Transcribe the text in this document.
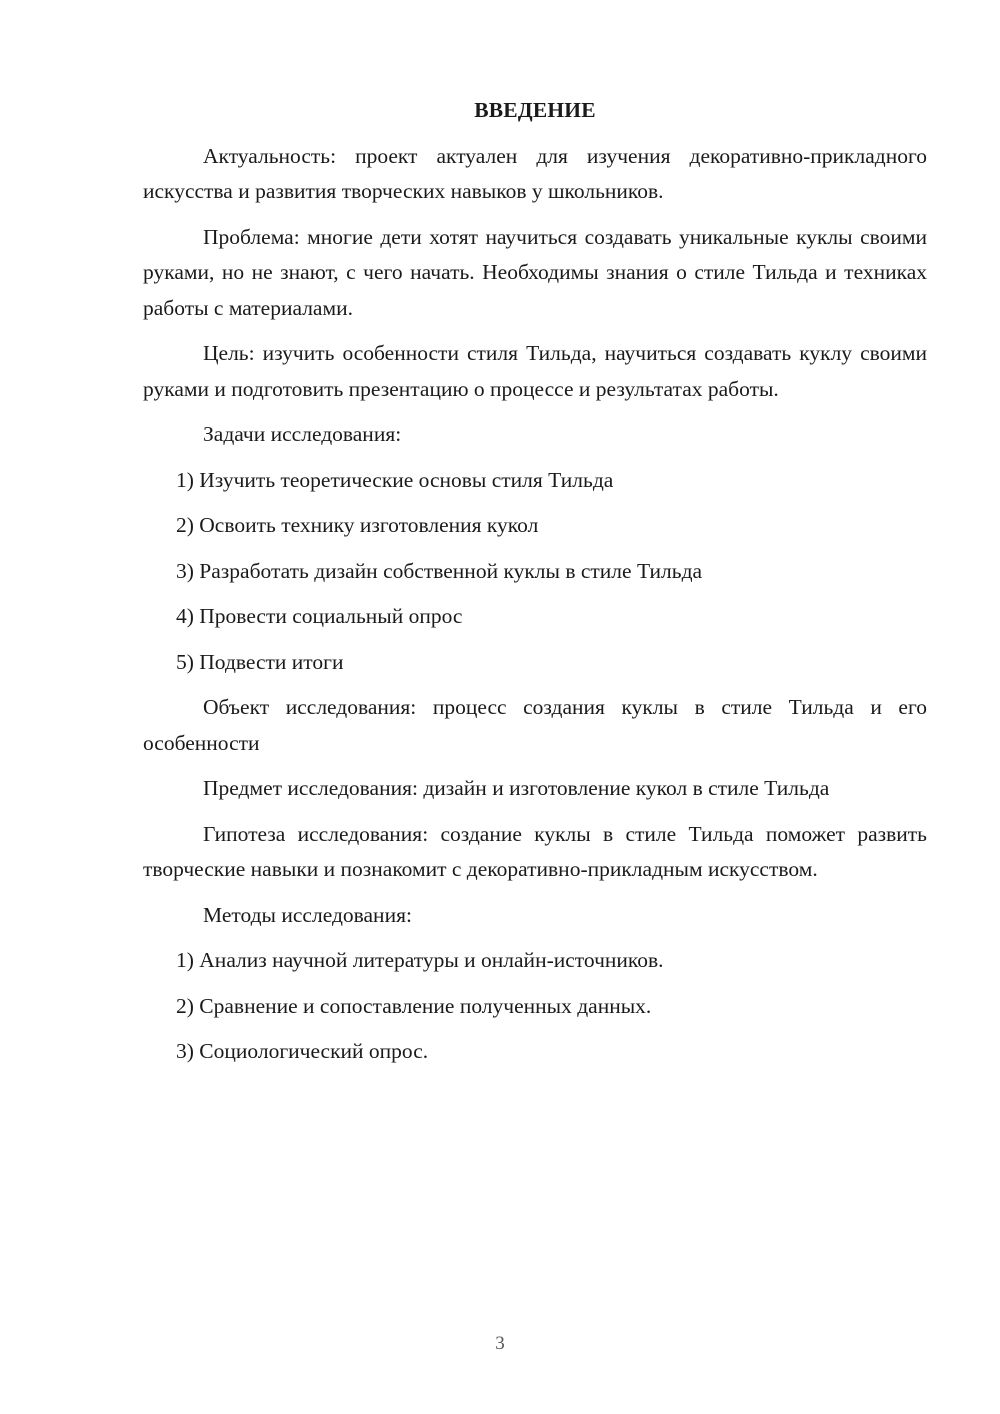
ВВЕДЕНИЕ

Актуальность: проект актуален для изучения декоративно-прикладного искусства и развития творческих навыков у школьников.

Проблема: многие дети хотят научиться создавать уникальные куклы своими руками, но не знают, с чего начать. Необходимы знания о стиле Тильда и техниках работы с материалами.

Цель: изучить особенности стиля Тильда, научиться создавать куклу своими руками и подготовить презентацию о процессе и результатах работы.

Задачи исследования:

1) Изучить теоретические основы стиля Тильда
2) Освоить технику изготовления кукол
3) Разработать дизайн собственной куклы в стиле Тильда
4) Провести социальный опрос
5) Подвести итоги

Объект исследования: процесс создания куклы в стиле Тильда и его особенности

Предмет исследования: дизайн и изготовление кукол в стиле Тильда

Гипотеза исследования: создание куклы в стиле Тильда поможет развить творческие навыки и познакомит с декоративно-прикладным искусством.

Методы исследования:

1) Анализ научной литературы и онлайн-источников.
2) Сравнение и сопоставление полученных данных.
3) Социологический опрос.
3
